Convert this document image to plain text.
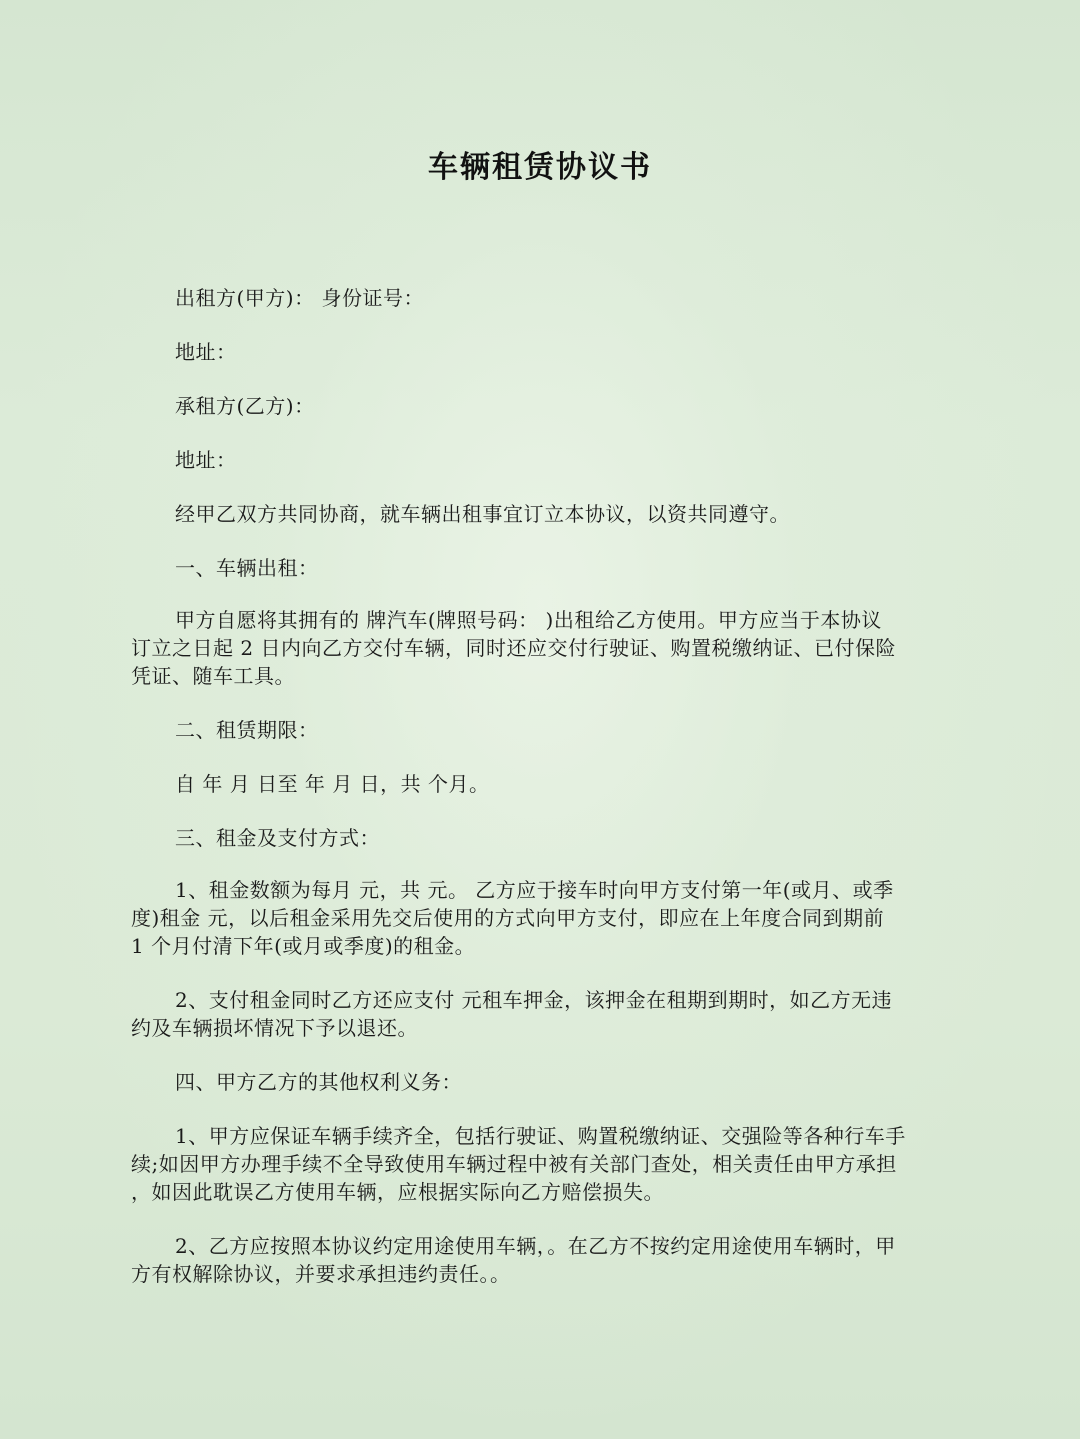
车辆租赁协议书
出租方(甲方)： 身份证号：
地址：
承租方(乙方)：
地址：
经甲乙双方共同协商，就车辆出租事宜订立本协议，以资共同遵守。
一、车辆出租：
甲方自愿将其拥有的 牌汽车(牌照号码： )出租给乙方使用。甲方应当于本协议
订立之日起 2 日内向乙方交付车辆，同时还应交付行驶证、购置税缴纳证、已付保险
凭证、随车工具。
二、租赁期限：
自 年 月 日至 年 月 日，共 个月。
三、租金及支付方式：
1、租金数额为每月 元，共 元。 乙方应于接车时向甲方支付第一年(或月、或季
度)租金 元，以后租金采用先交后使用的方式向甲方支付，即应在上年度合同到期前
1 个月付清下年(或月或季度)的租金。
2、支付租金同时乙方还应支付 元租车押金，该押金在租期到期时，如乙方无违
约及车辆损坏情况下予以退还。
四、甲方乙方的其他权利义务：
1、甲方应保证车辆手续齐全，包括行驶证、购置税缴纳证、交强险等各种行车手
续;如因甲方办理手续不全导致使用车辆过程中被有关部门查处，相关责任由甲方承担
，如因此耽误乙方使用车辆，应根据实际向乙方赔偿损失。
2、乙方应按照本协议约定用途使用车辆，。在乙方不按约定用途使用车辆时，甲
方有权解除协议，并要求承担违约责任。。
